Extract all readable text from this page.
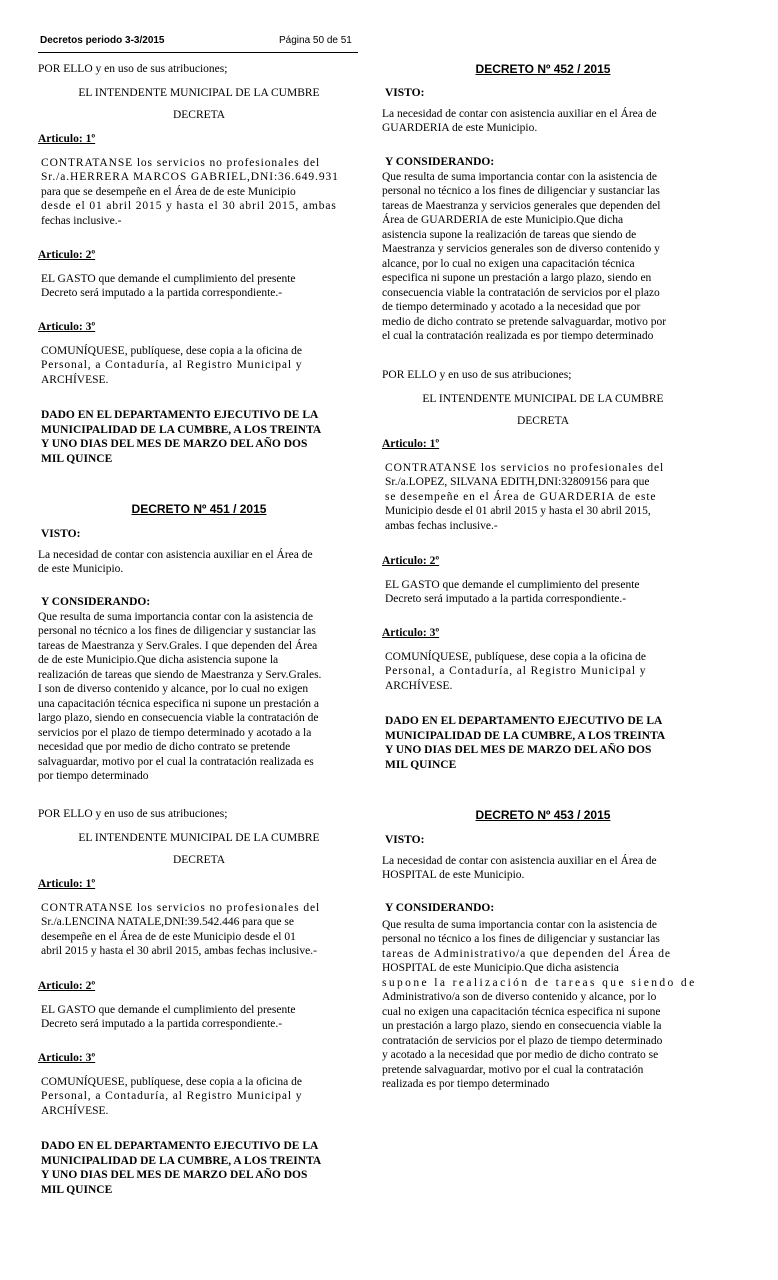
Decretos periodo 3-3/2015	Página 50 de 51
POR ELLO y en uso de sus atribuciones;
EL INTENDENTE MUNICIPAL DE LA CUMBRE
DECRETA
Articulo: 1º
CONTRATANSE los servicios no profesionales del
Sr./a.HERRERA MARCOS GABRIEL,DNI:36.649.931
para que se desempeñe en el Área de de este Municipio
desde el 01 abril 2015 y hasta el 30 abril 2015, ambas
fechas inclusive.-
Articulo: 2º
EL GASTO que demande el cumplimiento del presente
Decreto será imputado a la partida correspondiente.-
Articulo: 3º
COMUNÍQUESE, publíquese, dese copia a la oficina de
Personal, a Contaduría, al Registro Municipal y
ARCHÍVESE.
DADO EN EL DEPARTAMENTO EJECUTIVO DE LA
MUNICIPALIDAD DE LA CUMBRE, A LOS TREINTA
Y UNO DIAS DEL MES DE MARZO DEL AÑO DOS
MIL QUINCE
DECRETO Nº 451 / 2015
VISTO:
La necesidad de contar con asistencia auxiliar en el Área de
de este Municipio.
Y CONSIDERANDO:
Que resulta de suma importancia contar con la asistencia de
personal no técnico a los fines de diligenciar y sustanciar las
tareas de Maestranza y Serv.Grales. I que dependen del Área
de de este Municipio.Que dicha asistencia supone la
realización de tareas que siendo de Maestranza y Serv.Grales.
I son de diverso contenido y alcance, por lo cual no exigen
una capacitación técnica especifica ni supone un prestación a
largo plazo, siendo en consecuencia viable la contratación de
servicios por el plazo de tiempo determinado y acotado a la
necesidad que por medio de dicho contrato se pretende
salvaguardar, motivo por el cual la contratación realizada es
por tiempo determinado
POR ELLO y en uso de sus atribuciones;
EL INTENDENTE MUNICIPAL DE LA CUMBRE
DECRETA
Articulo: 1º
CONTRATANSE los servicios no profesionales del
Sr./a.LENCINA NATALE,DNI:39.542.446 para que se
desempeñe en el Área de de este Municipio desde el 01
abril 2015 y hasta el 30 abril 2015, ambas fechas inclusive.-
Articulo: 2º
EL GASTO que demande el cumplimiento del presente
Decreto será imputado a la partida correspondiente.-
Articulo: 3º
COMUNÍQUESE, publíquese, dese copia a la oficina de
Personal, a Contaduría, al Registro Municipal y
ARCHÍVESE.
DADO EN EL DEPARTAMENTO EJECUTIVO DE LA
MUNICIPALIDAD DE LA CUMBRE, A LOS TREINTA
Y UNO DIAS DEL MES DE MARZO DEL AÑO DOS
MIL QUINCE
DECRETO Nº 452 / 2015
VISTO:
La necesidad de contar con asistencia auxiliar en el Área de
GUARDERIA de este Municipio.
Y CONSIDERANDO:
Que resulta de suma importancia contar con la asistencia de
personal no técnico a los fines de diligenciar y sustanciar las
tareas de Maestranza y servicios generales que dependen del
Área de GUARDERIA de este Municipio.Que dicha
asistencia supone la realización de tareas que siendo de
Maestranza y servicios generales son de diverso contenido y
alcance, por lo cual no exigen una capacitación técnica
especifica ni supone un prestación a largo plazo, siendo en
consecuencia viable la contratación de servicios por el plazo
de tiempo determinado y acotado a la necesidad que por
medio de dicho contrato se pretende salvaguardar, motivo por
el cual la contratación realizada es por tiempo determinado
POR ELLO y en uso de sus atribuciones;
EL INTENDENTE MUNICIPAL DE LA CUMBRE
DECRETA
Articulo: 1º
CONTRATANSE los servicios no profesionales del
Sr./a.LOPEZ, SILVANA EDITH,DNI:32809156 para que
se desempeñe en el Área de GUARDERIA de este
Municipio desde el 01 abril 2015 y hasta el 30 abril 2015,
ambas fechas inclusive.-
Articulo: 2º
EL GASTO que demande el cumplimiento del presente
Decreto será imputado a la partida correspondiente.-
Articulo: 3º
COMUNÍQUESE, publíquese, dese copia a la oficina de
Personal, a Contaduría, al Registro Municipal y
ARCHÍVESE.
DADO EN EL DEPARTAMENTO EJECUTIVO DE LA
MUNICIPALIDAD DE LA CUMBRE, A LOS TREINTA
Y UNO DIAS DEL MES DE MARZO DEL AÑO DOS
MIL QUINCE
DECRETO Nº 453 / 2015
VISTO:
La necesidad de contar con asistencia auxiliar en el Área de
HOSPITAL de este Municipio.
Y CONSIDERANDO:
Que resulta de suma importancia contar con la asistencia de
personal no técnico a los fines de diligenciar y sustanciar las
tareas de Administrativo/a que dependen del Área de
HOSPITAL de este Municipio.Que dicha asistencia
supone la realización de tareas que siendo de
Administrativo/a son de diverso contenido y alcance, por lo
cual no exigen una capacitación técnica especifica ni supone
un prestación a largo plazo, siendo en consecuencia viable la
contratación de servicios por el plazo de tiempo determinado
y acotado a la necesidad que por medio de dicho contrato se
pretende salvaguardar, motivo por el cual la contratación
realizada es por tiempo determinado
